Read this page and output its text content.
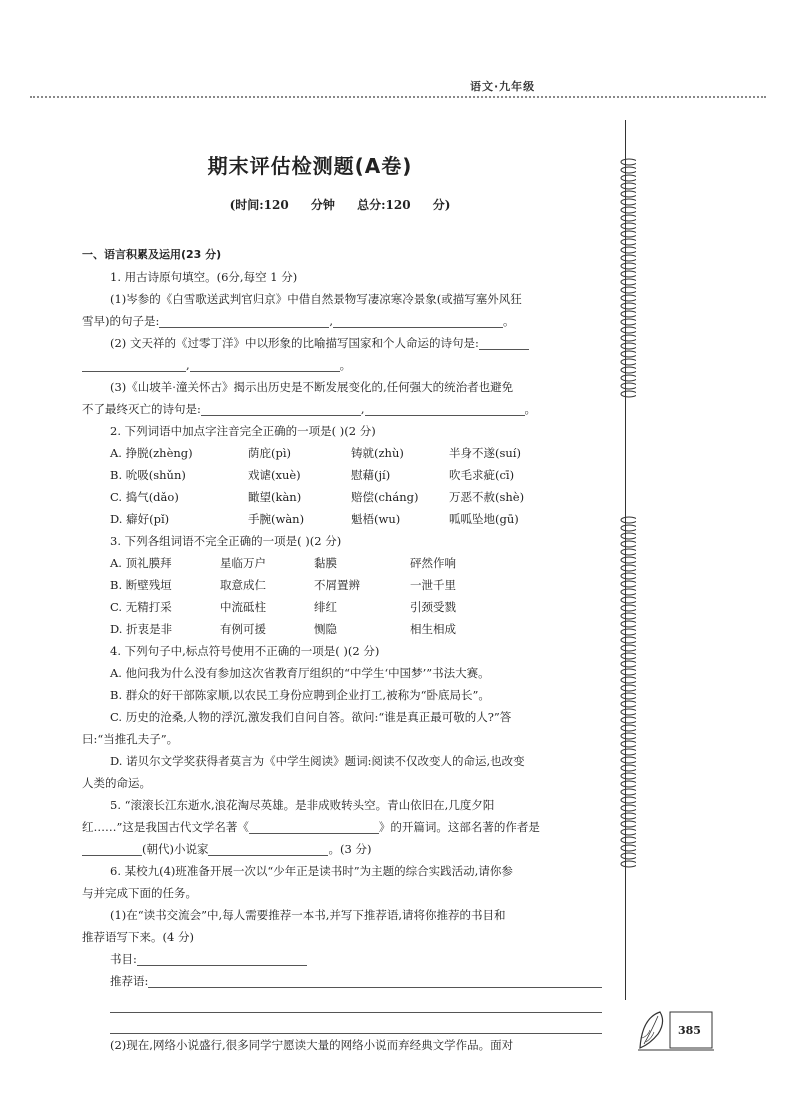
语文·九年级
期末评估检测题(A卷)
(时间:120 分钟 总分:120 分)

一、语言积累及运用(23 分)

1. 用古诗原句填空。(6分,每空 1 分)

(1)岑参的《白雪歌送武判官归京》中借自然景物写凄凉寒冷景象(或描写塞外风狂

雪早)的句子是:	,	。
(2) 文天祥的《过零丁洋》中以形象的比喻描写国家和个人命运的诗句是:
,	。

(3)《山坡羊·潼关怀古》揭示出历史是不断发展变化的,任何强大的统治者也避免

不了最终灭亡的诗句是:	,	。

2. 下列词语中加点字注音完全正确的一项是( )(2 分)

A. 挣脱(zhèng)	荫庇(pì)	铸就(zhù)	半身不遂(suí)
B. 吮吸(shǔn)	戏谑(xuè)	慰藉(jí)	吹毛求疵(cī)
C. 捣气(dǎo)	瞰望(kàn)	赔偿(cháng)	万恶不赦(shè)
D. 癖好(pǐ)	手腕(wàn)	魁梧(wu)	呱呱坠地(gū)

3. 下列各组词语不完全正确的一项是( )(2 分)

A. 顶礼膜拜	星临万户	黏膜	砰然作响
B. 断壁残垣	取意成仁	不屑置辨	一泄千里
C. 无精打采	中流砥柱	绯红	引颈受戮
D. 折衷是非	有例可援	恻隐	相生相成

4. 下列句子中,标点符号使用不正确的一项是( )(2 分)

A. 他问我为什么没有参加这次省教育厅组织的“中学生‘中国梦’”书法大赛。

B. 群众的好干部陈家顺,以农民工身份应聘到企业打工,被称为“卧底局长”。

C. 历史的沧桑,人物的浮沉,激发我们自问自答。欲问:“谁是真正最可敬的人?”答

曰:“当推孔夫子”。

D. 诺贝尔文学奖获得者莫言为《中学生阅读》题词:阅读不仅改变人的命运,也改变

人类的命运。

5. “滚滚长江东逝水,浪花淘尽英雄。是非成败转头空。青山依旧在,几度夕阳

红……”这是我国古代文学名著《	》的开篇词。这部名著的作者是
(朝代)小说家	。(3 分)

6. 某校九(4)班准备开展一次以“少年正是读书时”为主题的综合实践活动,请你参

与并完成下面的任务。

(1)在“读书交流会”中,每人需要推荐一本书,并写下推荐语,请将你推荐的书目和

推荐语写下来。(4 分)

书目:
推荐语:

(2)现在,网络小说盛行,很多同学宁愿读大量的网络小说而弃经典文学作品。面对

385
